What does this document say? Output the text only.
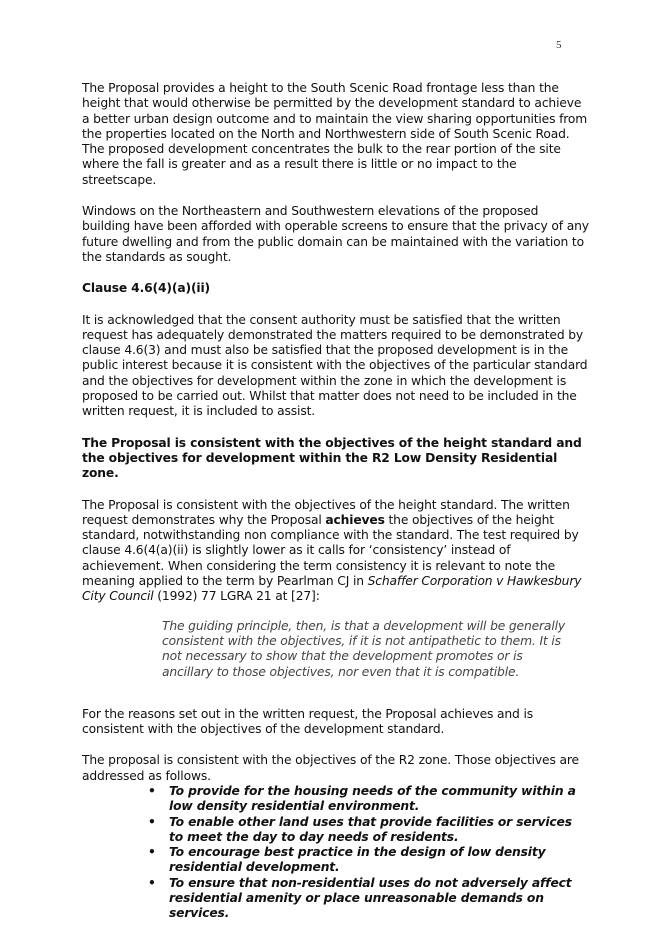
5

The Proposal provides a height to the South Scenic Road frontage less than the height that would otherwise be permitted by the development standard to achieve a better urban design outcome and to maintain the view sharing opportunities from the properties located on the North and Northwestern side of South Scenic Road. The proposed development concentrates the bulk to the rear portion of the site where the fall is greater and as a result there is little or no impact to the streetscape.

Windows on the Northeastern and Southwestern elevations of the proposed building have been afforded with operable screens to ensure that the privacy of any future dwelling and from the public domain can be maintained with the variation to the standards as sought.

Clause 4.6(4)(a)(ii)

It is acknowledged that the consent authority must be satisfied that the written request has adequately demonstrated the matters required to be demonstrated by clause 4.6(3) and must also be satisfied that the proposed development is in the public interest because it is consistent with the objectives of the particular standard and the objectives for development within the zone in which the development is proposed to be carried out. Whilst that matter does not need to be included in the written request, it is included to assist.

The Proposal is consistent with the objectives of the height standard and the objectives for development within the R2 Low Density Residential zone.

The Proposal is consistent with the objectives of the height standard. The written request demonstrates why the Proposal achieves the objectives of the height standard, notwithstanding non compliance with the standard. The test required by clause 4.6(4(a)(ii) is slightly lower as it calls for ‘consistency’ instead of achievement. When considering the term consistency it is relevant to note the meaning applied to the term by Pearlman CJ in Schaffer Corporation v Hawkesbury City Council (1992) 77 LGRA 21 at [27]:

The guiding principle, then, is that a development will be generally consistent with the objectives, if it is not antipathetic to them. It is not necessary to show that the development promotes or is ancillary to those objectives, nor even that it is compatible.

For the reasons set out in the written request, the Proposal achieves and is consistent with the objectives of the development standard.

The proposal is consistent with the objectives of the R2 zone. Those objectives are addressed as follows.

• To provide for the housing needs of the community within a low density residential environment.
• To enable other land uses that provide facilities or services to meet the day to day needs of residents.
• To encourage best practice in the design of low density residential development.
• To ensure that non-residential uses do not adversely affect residential amenity or place unreasonable demands on services.
